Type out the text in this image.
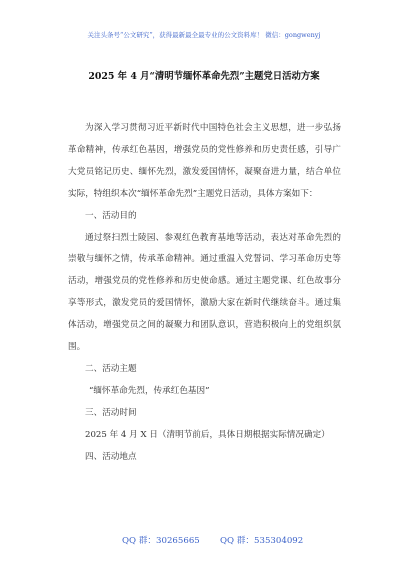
关注头条号“公文研究”，获得最新最全最专业的公文资料库！ 微信：gongwenyj
2025 年 4 月“清明节缅怀革命先烈”主题党日活动方案

为深入学习贯彻习近平新时代中国特色社会主义思想，进一步弘扬革命精神，传承红色基因，增强党员的党性修养和历史责任感，引导广大党员铭记历史、缅怀先烈，激发爱国情怀，凝聚奋进力量，结合单位实际，特组织本次“缅怀革命先烈”主题党日活动，具体方案如下：

一、活动目的

通过祭扫烈士陵园、参观红色教育基地等活动，表达对革命先烈的崇敬与缅怀之情，传承革命精神。通过重温入党誓词、学习革命历史等活动，增强党员的党性修养和历史使命感。通过主题党课、红色故事分享等形式，激发党员的爱国情怀，激励大家在新时代继续奋斗。通过集体活动，增强党员之间的凝聚力和团队意识，营造积极向上的党组织氛围。

二、活动主题

“缅怀革命先烈，传承红色基因”

三、活动时间

2025 年 4 月 X 日（清明节前后，具体日期根据实际情况确定）

四、活动地点

QQ 群：30265665 QQ 群：535304092
